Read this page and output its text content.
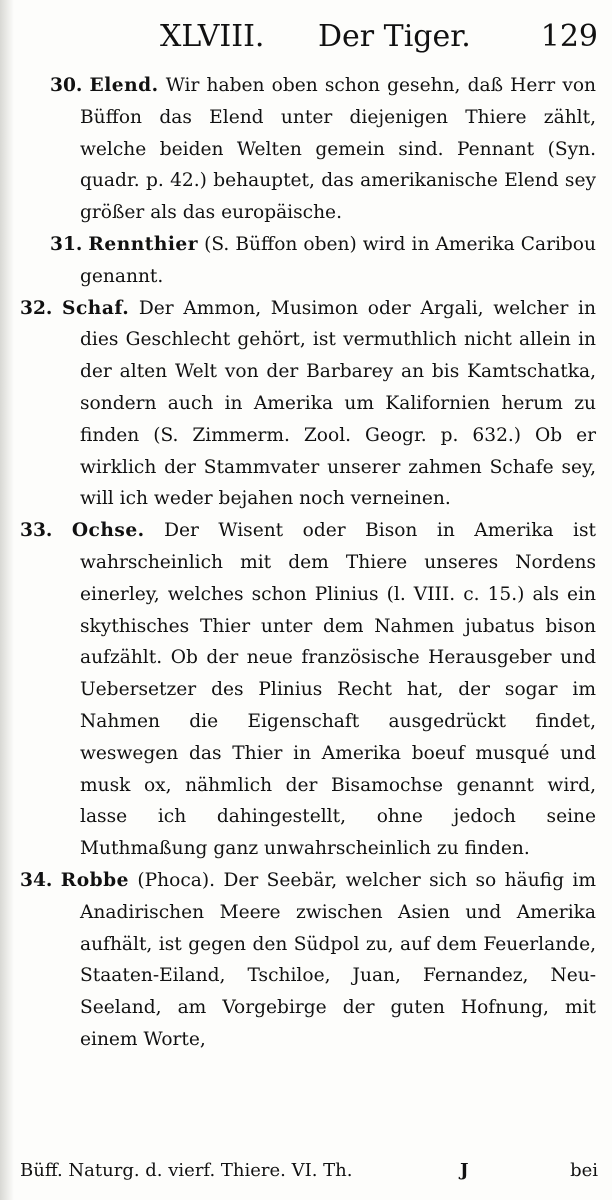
XLVIII. Der Tiger. 129

30. Elend. Wir haben oben schon gesehn, daß Herr von Büffon das Elend unter diejenigen Thiere zählt, welche beiden Welten gemein sind. Pennant (Syn. quadr. p. 42.) behauptet, das amerikanische Elend sey größer als das europäische.

31. Rennthier (S. Büffon oben) wird in Amerika Caribou genannt.

32. Schaf. Der Ammon, Musimon oder Argali, welcher in dies Geschlecht gehört, ist vermuthlich nicht allein in der alten Welt von der Barbarey an bis Kamtschatka, sondern auch in Amerika um Kalifornien herum zu finden (S. Zimmerm. Zool. Geogr. p. 632.) Ob er wirklich der Stammvater unserer zahmen Schafe sey, will ich weder bejahen noch verneinen.

33. Ochse. Der Wisent oder Bison in Amerika ist wahrscheinlich mit dem Thiere unseres Nordens einerley, welches schon Plinius (l. VIII. c. 15.) als ein skythisches Thier unter dem Nahmen jubatus bison aufzählt. Ob der neue französische Herausgeber und Uebersetzer des Plinius Recht hat, der sogar im Nahmen die Eigenschaft ausgedrückt findet, weswegen das Thier in Amerika boeuf musqué und musk ox, nähmlich der Bisamochse genannt wird, lasse ich dahingestellt, ohne jedoch seine Muthmaßung ganz unwahrscheinlich zu finden.

34. Robbe (Phoca). Der Seebär, welcher sich so häufig im Anadirischen Meere zwischen Asien und Amerika aufhält, ist gegen den Südpol zu, auf dem Feuerlande, Staaten-Eiland, Tschiloe, Juan, Fernandez, Neu-Seeland, am Vorgebirge der guten Hofnung, mit einem Worte,

Büff. Naturg. d. vierf. Thiere. VI. Th.	J	bei
